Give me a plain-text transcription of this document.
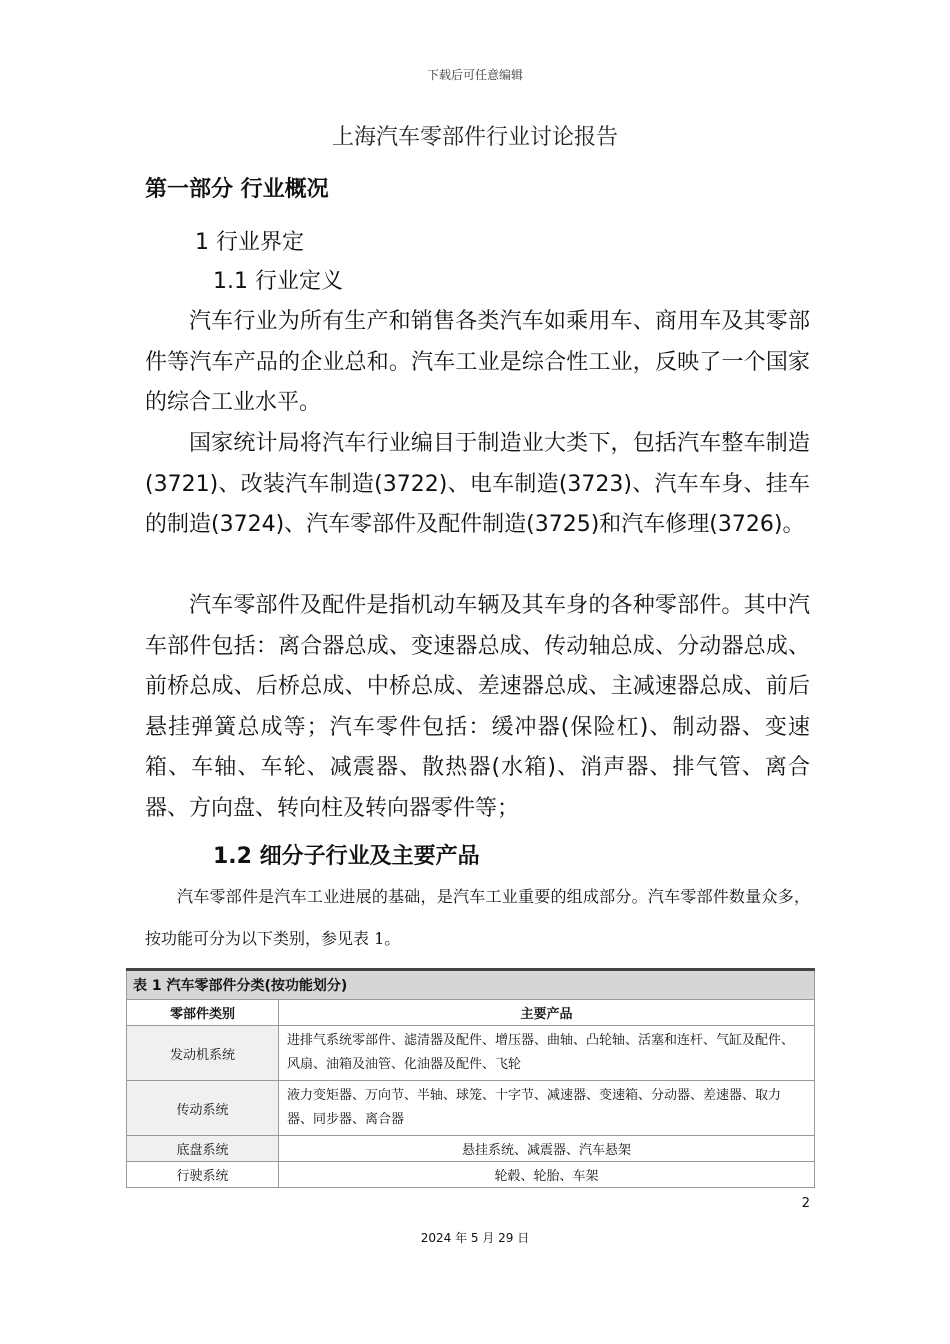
下载后可任意编辑
上海汽车零部件行业讨论报告
第一部分 行业概况
1 行业界定
1.1 行业定义

汽车行业为所有生产和销售各类汽车如乘用车、商用车及其零部件等汽车产品的企业总和。汽车工业是综合性工业，反映了一个国家的综合工业水平。

国家统计局将汽车行业编目于制造业大类下，包括汽车整车制造(3721)、改装汽车制造(3722)、电车制造(3723)、汽车车身、挂车的制造(3724)、汽车零部件及配件制造(3725)和汽车修理(3726)。

汽车零部件及配件是指机动车辆及其车身的各种零部件。其中汽车部件包括：离合器总成、变速器总成、传动轴总成、分动器总成、前桥总成、后桥总成、中桥总成、差速器总成、主减速器总成、前后悬挂弹簧总成等；汽车零件包括：缓冲器(保险杠)、制动器、变速箱、车轴、车轮、减震器、散热器(水箱)、消声器、排气管、离合器、方向盘、转向柱及转向器零件等；

1.2 细分子行业及主要产品

汽车零部件是汽车工业进展的基础，是汽车工业重要的组成部分。汽车零部件数量众多，按功能可分为以下类别，参见表 1。

表 1 汽车零部件分类(按功能划分)	
零部件类别	主要产品
发动机系统	进排气系统零部件、滤清器及配件、增压器、曲轴、凸轮轴、活塞和连杆、气缸及配件、风扇、油箱及油管、化油器及配件、飞轮
传动系统	液力变矩器、万向节、半轴、球笼、十字节、减速器、变速箱、分动器、差速器、取力器、同步器、离合器
底盘系统	悬挂系统、减震器、汽车悬架
行驶系统	轮毂、轮胎、车架
2
2024 年 5 月 29 日
